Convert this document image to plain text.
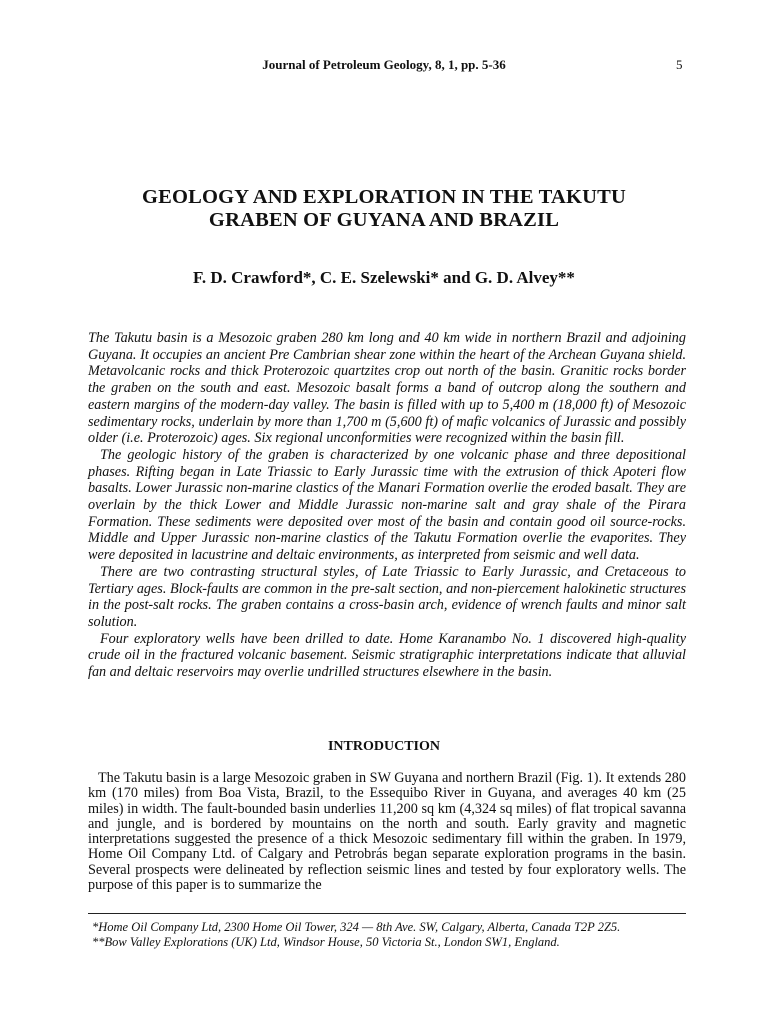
Journal of Petroleum Geology, 8, 1, pp. 5-36	5
GEOLOGY AND EXPLORATION IN THE TAKUTU
GRABEN OF GUYANA AND BRAZIL
F. D. Crawford*, C. E. Szelewski* and G. D. Alvey**

The Takutu basin is a Mesozoic graben 280 km long and 40 km wide in northern Brazil and adjoining Guyana. It occupies an ancient Pre Cambrian shear zone within the heart of the Archean Guyana shield. Metavolcanic rocks and thick Proterozoic quartzites crop out north of the basin. Granitic rocks border the graben on the south and east. Mesozoic basalt forms a band of outcrop along the southern and eastern margins of the modern-day valley. The basin is filled with up to 5,400 m (18,000 ft) of Mesozoic sedimentary rocks, underlain by more than 1,700 m (5,600 ft) of mafic volcanics of Jurassic and possibly older (i.e. Proterozoic) ages. Six regional unconformities were recognized within the basin fill.

The geologic history of the graben is characterized by one volcanic phase and three depositional phases. Rifting began in Late Triassic to Early Jurassic time with the extrusion of thick Apoteri flow basalts. Lower Jurassic non-marine clastics of the Manari Formation overlie the eroded basalt. They are overlain by the thick Lower and Middle Jurassic non-marine salt and gray shale of the Pirara Formation. These sediments were deposited over most of the basin and contain good oil source-rocks. Middle and Upper Jurassic non-marine clastics of the Takutu Formation overlie the evaporites. They were deposited in lacustrine and deltaic environments, as interpreted from seismic and well data.

There are two contrasting structural styles, of Late Triassic to Early Jurassic, and Cretaceous to Tertiary ages. Block-faults are common in the pre-salt section, and non-piercement halokinetic structures in the post-salt rocks. The graben contains a cross-basin arch, evidence of wrench faults and minor salt solution.

Four exploratory wells have been drilled to date. Home Karanambo No. 1 discovered high-quality crude oil in the fractured volcanic basement. Seismic stratigraphic interpretations indicate that alluvial fan and deltaic reservoirs may overlie undrilled structures elsewhere in the basin.

INTRODUCTION

The Takutu basin is a large Mesozoic graben in SW Guyana and northern Brazil (Fig. 1). It extends 280 km (170 miles) from Boa Vista, Brazil, to the Essequibo River in Guyana, and averages 40 km (25 miles) in width. The fault-bounded basin underlies 11,200 sq km (4,324 sq miles) of flat tropical savanna and jungle, and is bordered by mountains on the north and south. Early gravity and magnetic interpretations suggested the presence of a thick Mesozoic sedimentary fill within the graben. In 1979, Home Oil Company Ltd. of Calgary and Petrobrás began separate exploration programs in the basin. Several prospects were delineated by reflection seismic lines and tested by four exploratory wells. The purpose of this paper is to summarize the

*Home Oil Company Ltd, 2300 Home Oil Tower, 324 — 8th Ave. SW, Calgary, Alberta, Canada T2P 2Z5.
**Bow Valley Explorations (UK) Ltd, Windsor House, 50 Victoria St., London SW1, England.
